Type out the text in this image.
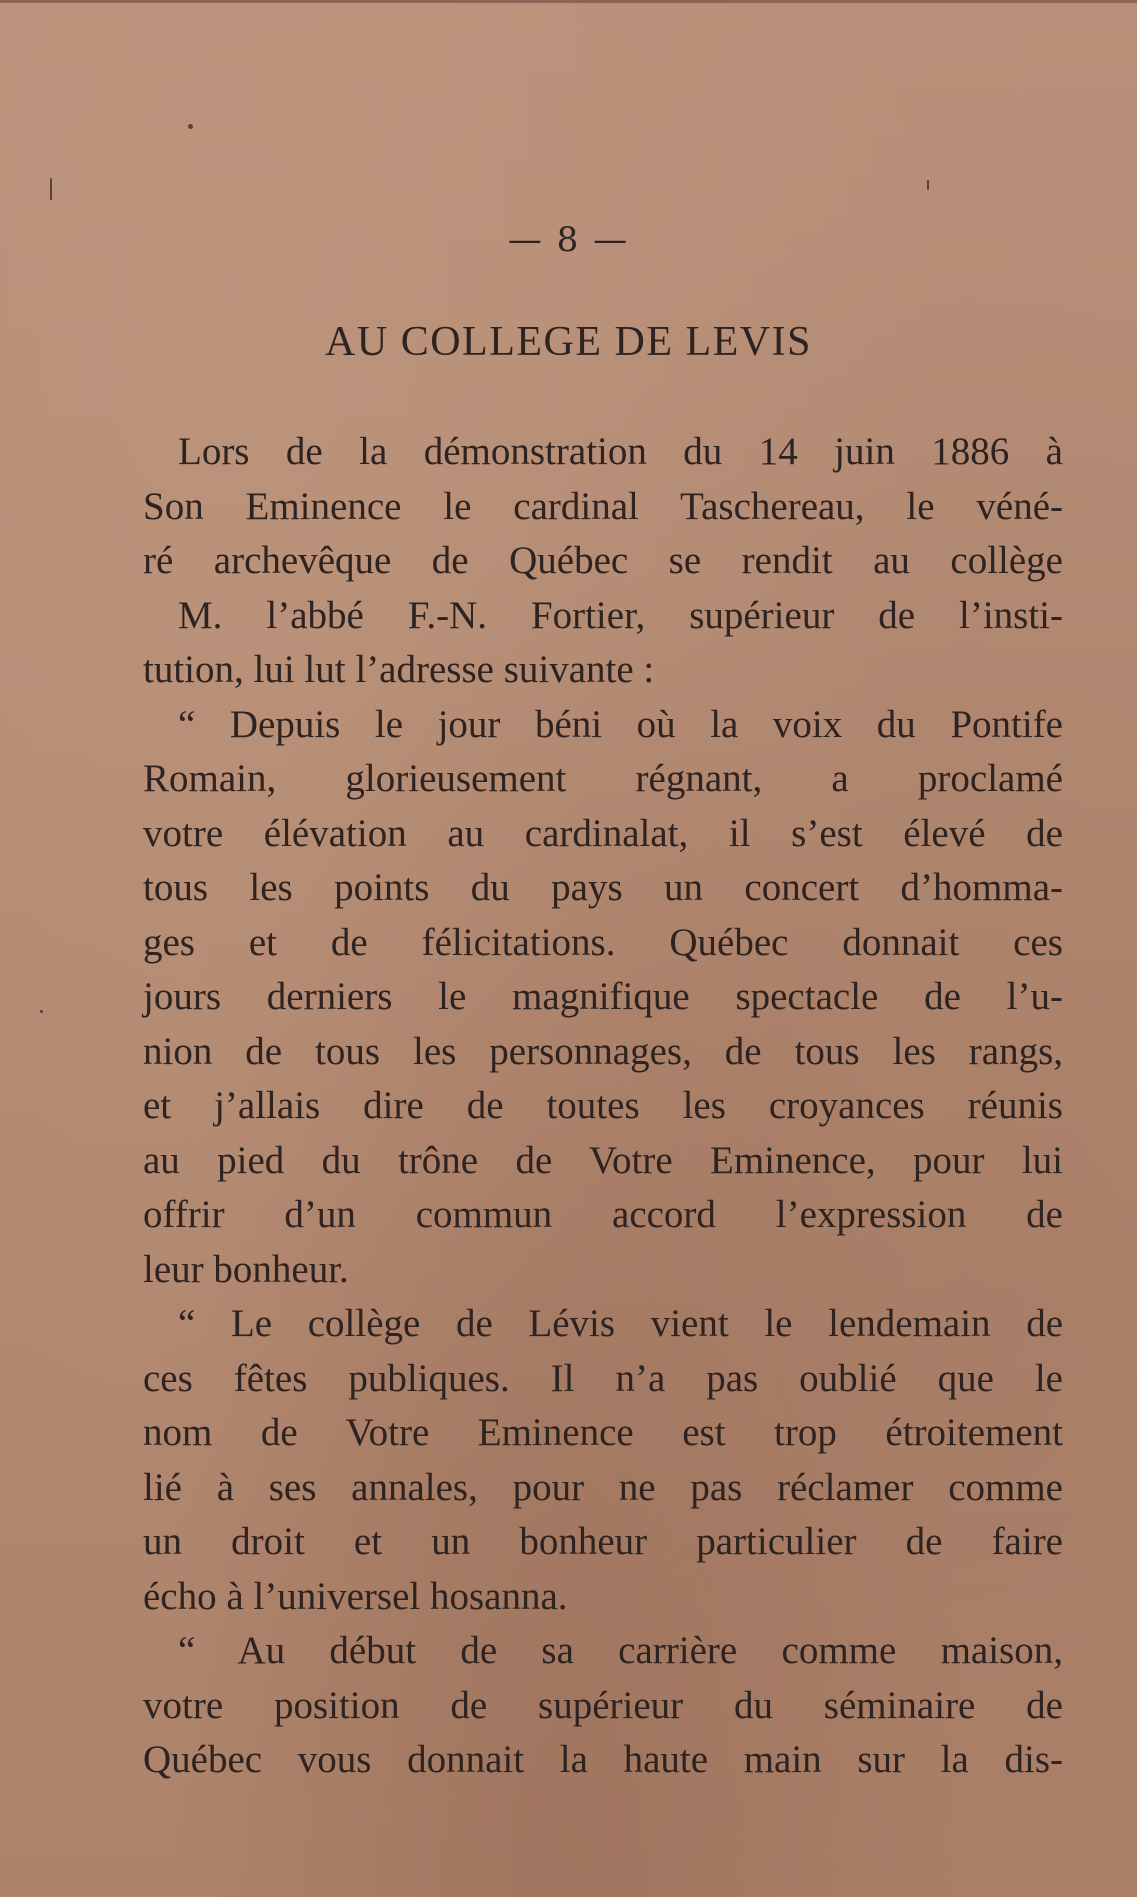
— 8 —
AU COLLEGE DE LEVIS
Lors de la démonstration du 14 juin 1886 à
Son Eminence le cardinal Taschereau, le véné-
ré archevêque de Québec se rendit au collège
M. l’abbé F.-N. Fortier, supérieur de l’insti-
tution, lui lut l’adresse suivante :
“ Depuis le jour béni où la voix du Pontife
Romain, glorieusement régnant, a proclamé
votre élévation au cardinalat, il s’est élevé de
tous les points du pays un concert d’homma-
ges et de félicitations. Québec donnait ces
jours derniers le magnifique spectacle de l’u-
nion de tous les personnages, de tous les rangs,
et j’allais dire de toutes les croyances réunis
au pied du trône de Votre Eminence, pour lui
offrir d’un commun accord l’expression de
leur bonheur.
“ Le collège de Lévis vient le lendemain de
ces fêtes publiques. Il n’a pas oublié que le
nom de Votre Eminence est trop étroitement
lié à ses annales, pour ne pas réclamer comme
un droit et un bonheur particulier de faire
écho à l’universel hosanna.
“ Au début de sa carrière comme maison,
votre position de supérieur du séminaire de
Québec vous donnait la haute main sur la dis-
